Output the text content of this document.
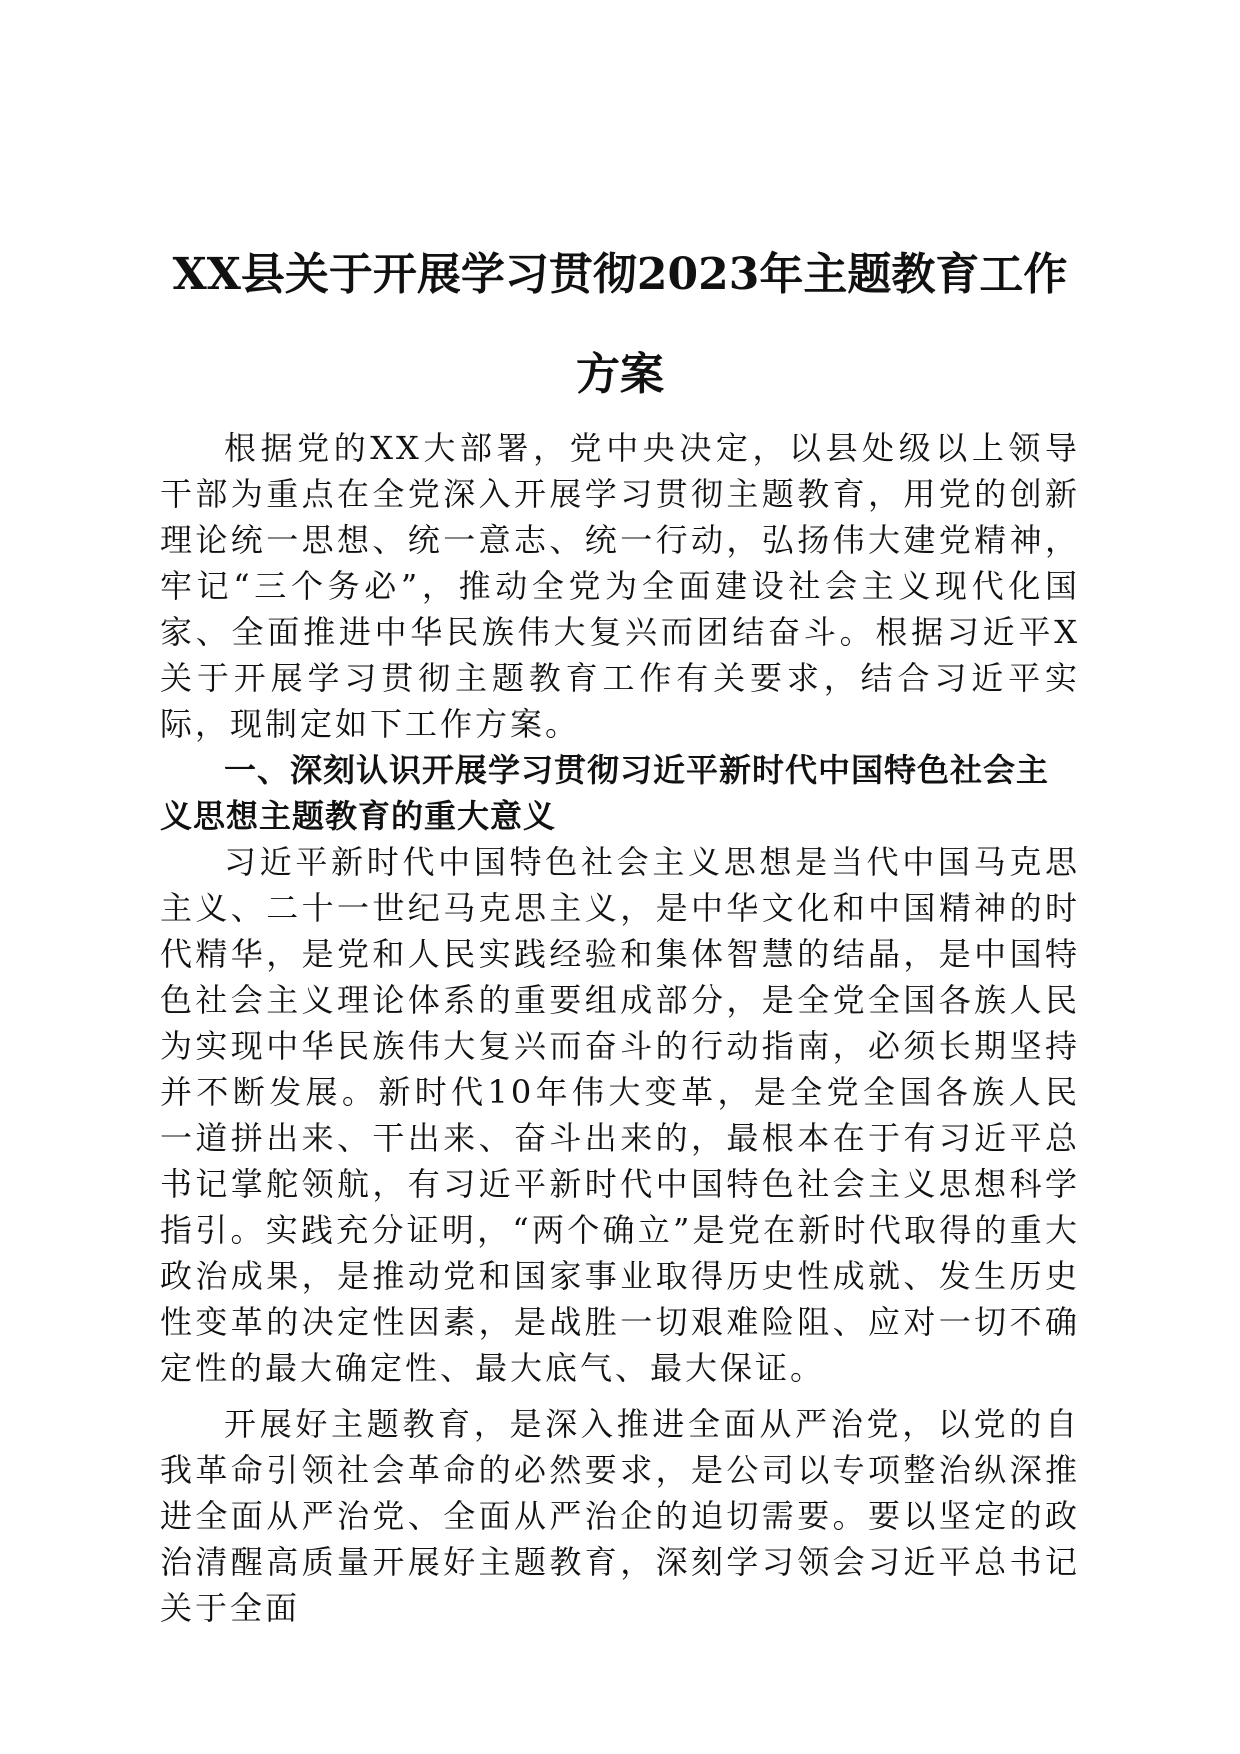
XX县关于开展学习贯彻2023年主题教育工作方案

根据党的XX大部署，党中央决定，以县处级以上领导干部为重点在全党深入开展学习贯彻主题教育，用党的创新理论统一思想、统一意志、统一行动，弘扬伟大建党精神，牢记“三个务必”，推动全党为全面建设社会主义现代化国家、全面推进中华民族伟大复兴而团结奋斗。根据习近平X关于开展学习贯彻主题教育工作有关要求，结合习近平实际，现制定如下工作方案。

一、深刻认识开展学习贯彻习近平新时代中国特色社会主义思想主题教育的重大意义

习近平新时代中国特色社会主义思想是当代中国马克思主义、二十一世纪马克思主义，是中华文化和中国精神的时代精华，是党和人民实践经验和集体智慧的结晶，是中国特色社会主义理论体系的重要组成部分，是全党全国各族人民为实现中华民族伟大复兴而奋斗的行动指南，必须长期坚持并不断发展。新时代10年伟大变革，是全党全国各族人民一道拼出来、干出来、奋斗出来的，最根本在于有习近平总书记掌舵领航，有习近平新时代中国特色社会主义思想科学指引。实践充分证明，“两个确立”是党在新时代取得的重大政治成果，是推动党和国家事业取得历史性成就、发生历史性变革的决定性因素，是战胜一切艰难险阻、应对一切不确定性的最大确定性、最大底气、最大保证。

开展好主题教育，是深入推进全面从严治党，以党的自我革命引领社会革命的必然要求，是公司以专项整治纵深推进全面从严治党、全面从严治企的迫切需要。要以坚定的政治清醒高质量开展好主题教育，深刻学习领会习近平总书记关于全面
